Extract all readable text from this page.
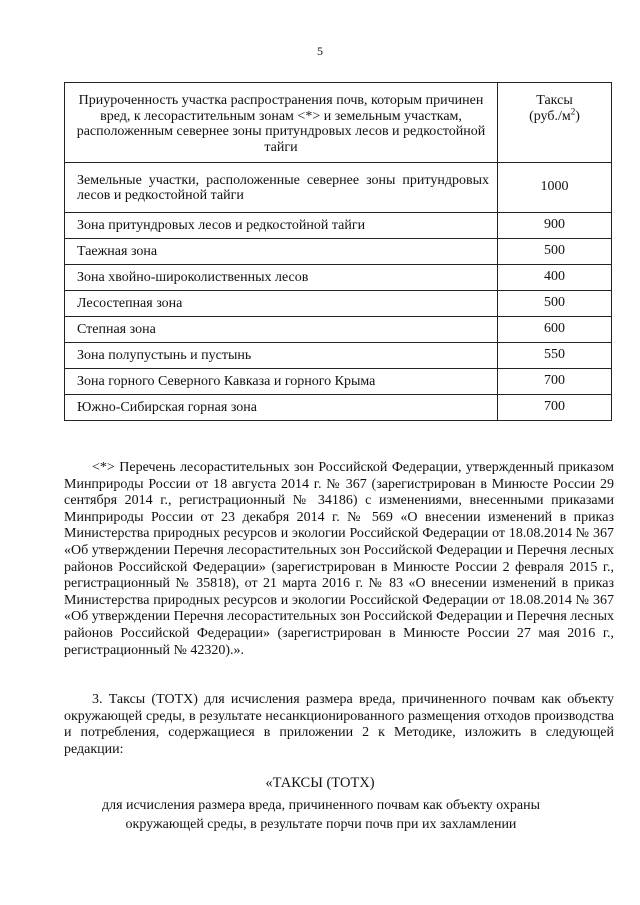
5
Приуроченность участка распространения почв, которым причинен вред, к лесорастительным зонам <*> и земельным участкам, расположенным севернее зоны притундровых лесов и редкостойной тайги	Таксы
$(руб./м^2)$
Земельные участки, расположенные севернее зоны притундровых лесов и редкостойной тайги	1000
Зона притундровых лесов и редкостойной тайги	900
Таежная зона	500
Зона хвойно-широколиственных лесов	400
Лесостепная зона	500
Степная зона	600
Зона полупустынь и пустынь	550
Зона горного Северного Кавказа и горного Крыма	700
Южно-Сибирская горная зона	700

<*> Перечень лесорастительных зон Российской Федерации, утвержденный приказом Минприроды России от 18 августа 2014 г. № 367 (зарегистрирован в Минюсте России 29 сентября 2014 г., регистрационный № 34186) с изменениями, внесенными приказами Минприроды России от 23 декабря 2014 г. № 569 «О внесении изменений в приказ Министерства природных ресурсов и экологии Российской Федерации от 18.08.2014 № 367 «Об утверждении Перечня лесорастительных зон Российской Федерации и Перечня лесных районов Российской Федерации» (зарегистрирован в Минюсте России 2 февраля 2015 г., регистрационный № 35818), от 21 марта 2016 г. № 83 «О внесении изменений в приказ Министерства природных ресурсов и экологии Российской Федерации от 18.08.2014 № 367 «Об утверждении Перечня лесорастительных зон Российской Федерации и Перечня лесных районов Российской Федерации» (зарегистрирован в Минюсте России 27 мая 2016 г., регистрационный № 42320).».

3. Таксы (ТОТХ) для исчисления размера вреда, причиненного почвам как объекту окружающей среды, в результате несанкционированного размещения отходов производства и потребления, содержащиеся в приложении 2 к Методике, изложить в следующей редакции:

«ТАКСЫ (ТОТХ)

для исчисления размера вреда, причиненного почвам как объекту охраны окружающей среды, в результате порчи почв при их захламлении
